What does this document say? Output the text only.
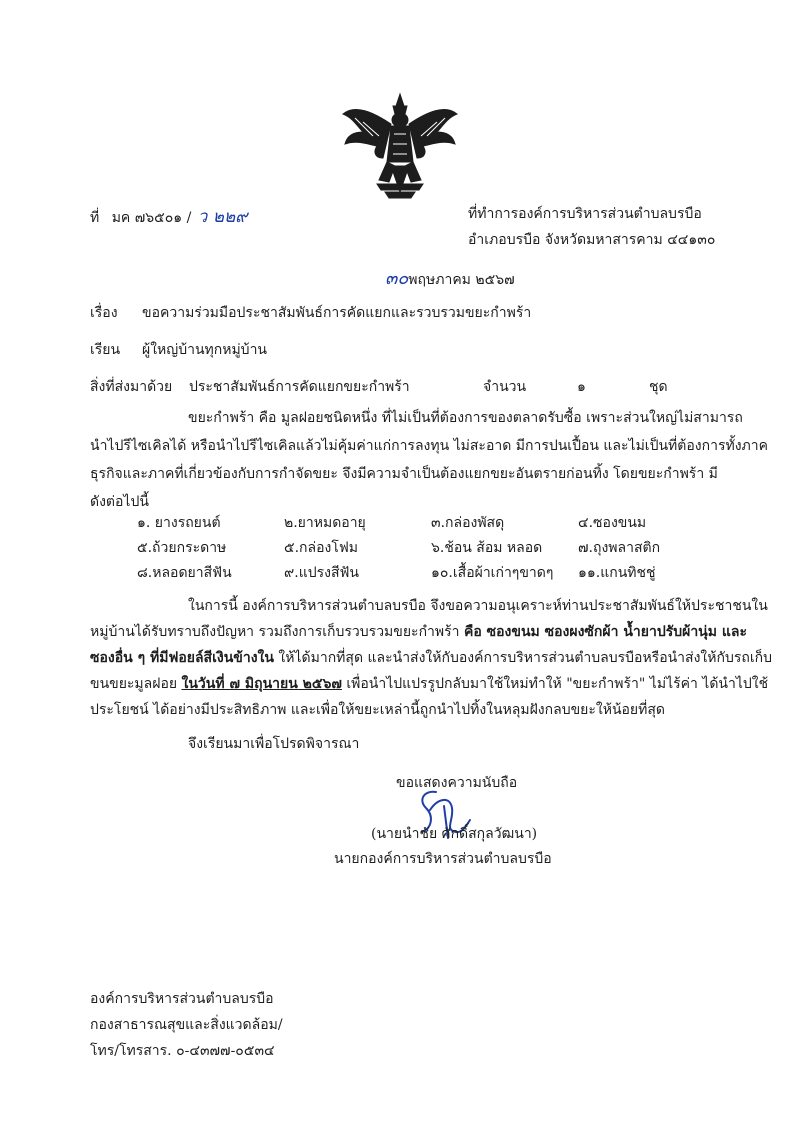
ที่ มค ๗๖๕๐๑ / ว ๒๒๙	ที่ทำการองค์การบริหารส่วนตำบลบรบือ
อำเภอบรบือ จังหวัดมหาสารคาม ๔๔๑๓๐
๓๐พฤษภาคม ๒๕๖๗
เรื่อง ขอความร่วมมือประชาสัมพันธ์การคัดแยกและรวบรวมขยะกำพร้า
เรียน ผู้ใหญ่บ้านทุกหมู่บ้าน
สิ่งที่ส่งมาด้วย ประชาสัมพันธ์การคัดแยกขยะกำพร้า	จำนวน	๑	ชุด
ขยะกำพร้า คือ มูลฝอยชนิดหนึ่ง ที่ไม่เป็นที่ต้องการของตลาดรับซื้อ เพราะส่วนใหญ่ไม่สามารถ
นำไปรีไซเคิลได้ หรือนำไปรีไซเคิลแล้วไม่คุ้มค่าแก่การลงทุน ไม่สะอาด มีการปนเปื้อน และไม่เป็นที่ต้องการทั้งภาค
ธุรกิจและภาคที่เกี่ยวข้องกับการกำจัดขยะ จึงมีความจำเป็นต้องแยกขยะอันตรายก่อนทิ้ง โดยขยะกำพร้า มี
ดังต่อไปนี้
๑. ยางรถยนต์	๒.ยาหมดอายุ	๓.กล่องพัสดุ	๔.ซองขนม
๕.ถ้วยกระดาษ	๕.กล่องโฟม	๖.ช้อน ส้อม หลอด	๗.ถุงพลาสติก
๘.หลอดยาสีฟัน	๙.แปรงสีฟัน	๑๐.เสื้อผ้าเก่าๆขาดๆ ๑๑.แกนทิชชู่
ในการนี้ องค์การบริหารส่วนตำบลบรบือ จึงขอความอนุเคราะห์ท่านประชาสัมพันธ์ให้ประชาชนใน
หมู่บ้านได้รับทราบถึงปัญหา รวมถึงการเก็บรวบรวมขยะกำพร้า คือ ซองขนม ซองผงซักผ้า น้ำยาปรับผ้านุ่ม และ
ซองอื่น ๆ ที่มีฟอยล์สีเงินข้างใน ให้ได้มากที่สุด และนำส่งให้กับองค์การบริหารส่วนตำบลบรบือหรือนำส่งให้กับรถเก็บ
ขนขยะมูลฝอย ในวันที่ ๗ มิถุนายน ๒๕๖๗ เพื่อนำไปแปรรูปกลับมาใช้ใหม่ทำให้ "ขยะกำพร้า" ไม่ไร้ค่า ได้นำไปใช้
ประโยชน์ ได้อย่างมีประสิทธิภาพ และเพื่อให้ขยะเหล่านี้ถูกนำไปทิ้งในหลุมฝังกลบขยะให้น้อยที่สุด
จึงเรียนมาเพื่อโปรดพิจารณา
ขอแสดงความนับถือ
(นายนำชัย ศักดิ์สกุลวัฒนา)
นายกองค์การบริหารส่วนตำบลบรบือ
องค์การบริหารส่วนตำบลบรบือ
กองสาธารณสุขและสิ่งแวดล้อม/
โทร/โทรสาร. ๐-๔๓๗๗-๐๕๓๔
